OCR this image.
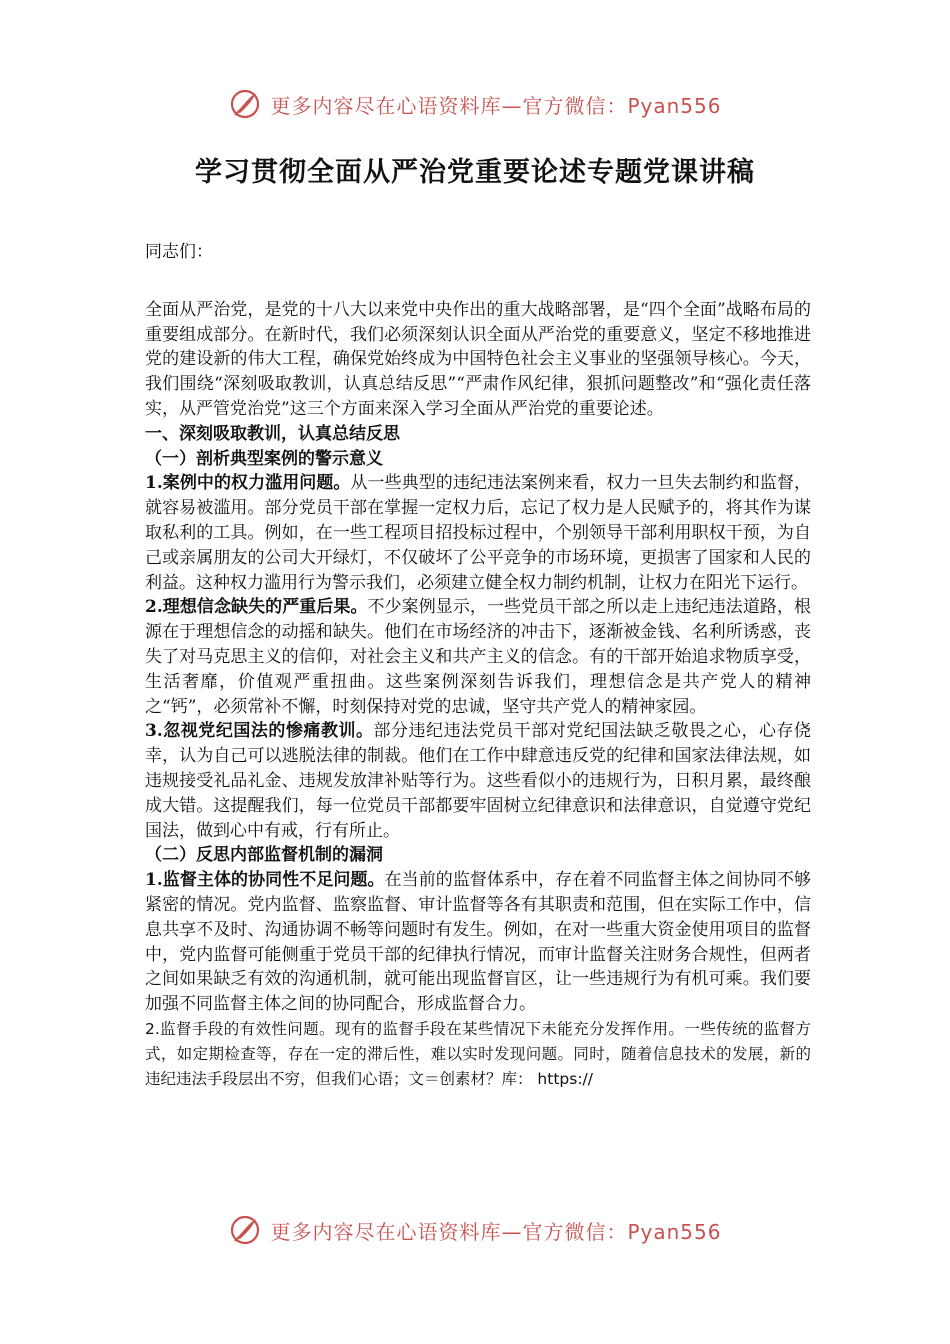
更多内容尽在心语资料库—官方微信：Pyan556
学习贯彻全面从严治党重要论述专题党课讲稿

同志们：

全面从严治党，是党的十八大以来党中央作出的重大战略部署，是“四个全面”战略布局的重要组成部分。在新时代，我们必须深刻认识全面从严治党的重要意义，坚定不移地推进党的建设新的伟大工程，确保党始终成为中国特色社会主义事业的坚强领导核心。今天，我们围绕“深刻吸取教训，认真总结反思”“严肃作风纪律，狠抓问题整改”和“强化责任落实，从严管党治党”这三个方面来深入学习全面从严治党的重要论述。

一、深刻吸取教训，认真总结反思

（一）剖析典型案例的警示意义

1.案例中的权力滥用问题。从一些典型的违纪违法案例来看，权力一旦失去制约和监督，就容易被滥用。部分党员干部在掌握一定权力后，忘记了权力是人民赋予的，将其作为谋取私利的工具。例如，在一些工程项目招投标过程中，个别领导干部利用职权干预，为自己或亲属朋友的公司大开绿灯，不仅破坏了公平竞争的市场环境，更损害了国家和人民的利益。这种权力滥用行为警示我们，必须建立健全权力制约机制，让权力在阳光下运行。

2.理想信念缺失的严重后果。不少案例显示，一些党员干部之所以走上违纪违法道路，根源在于理想信念的动摇和缺失。他们在市场经济的冲击下，逐渐被金钱、名利所诱惑，丧失了对马克思主义的信仰，对社会主义和共产主义的信念。有的干部开始追求物质享受，生活奢靡，价值观严重扭曲。这些案例深刻告诉我们，理想信念是共产党人的精神之“钙”，必须常补不懈，时刻保持对党的忠诚，坚守共产党人的精神家园。

3.忽视党纪国法的惨痛教训。部分违纪违法党员干部对党纪国法缺乏敬畏之心，心存侥幸，认为自己可以逃脱法律的制裁。他们在工作中肆意违反党的纪律和国家法律法规，如违规接受礼品礼金、违规发放津补贴等行为。这些看似小的违规行为，日积月累，最终酿成大错。这提醒我们，每一位党员干部都要牢固树立纪律意识和法律意识，自觉遵守党纪国法，做到心中有戒，行有所止。

（二）反思内部监督机制的漏洞

1.监督主体的协同性不足问题。在当前的监督体系中，存在着不同监督主体之间协同不够紧密的情况。党内监督、监察监督、审计监督等各有其职责和范围，但在实际工作中，信息共享不及时、沟通协调不畅等问题时有发生。例如，在对一些重大资金使用项目的监督中，党内监督可能侧重于党员干部的纪律执行情况，而审计监督关注财务合规性，但两者之间如果缺乏有效的沟通机制，就可能出现监督盲区，让一些违规行为有机可乘。我们要加强不同监督主体之间的协同配合，形成监督合力。

2.监督手段的有效性问题。现有的监督手段在某些情况下未能充分发挥作用。一些传统的监督方式，如定期检查等，存在一定的滞后性，难以实时发现问题。同时，随着信息技术的发展，新的违纪违法手段层出不穷，但我们心语；文＝创素材？库： https://

更多内容尽在心语资料库—官方微信：Pyan556
